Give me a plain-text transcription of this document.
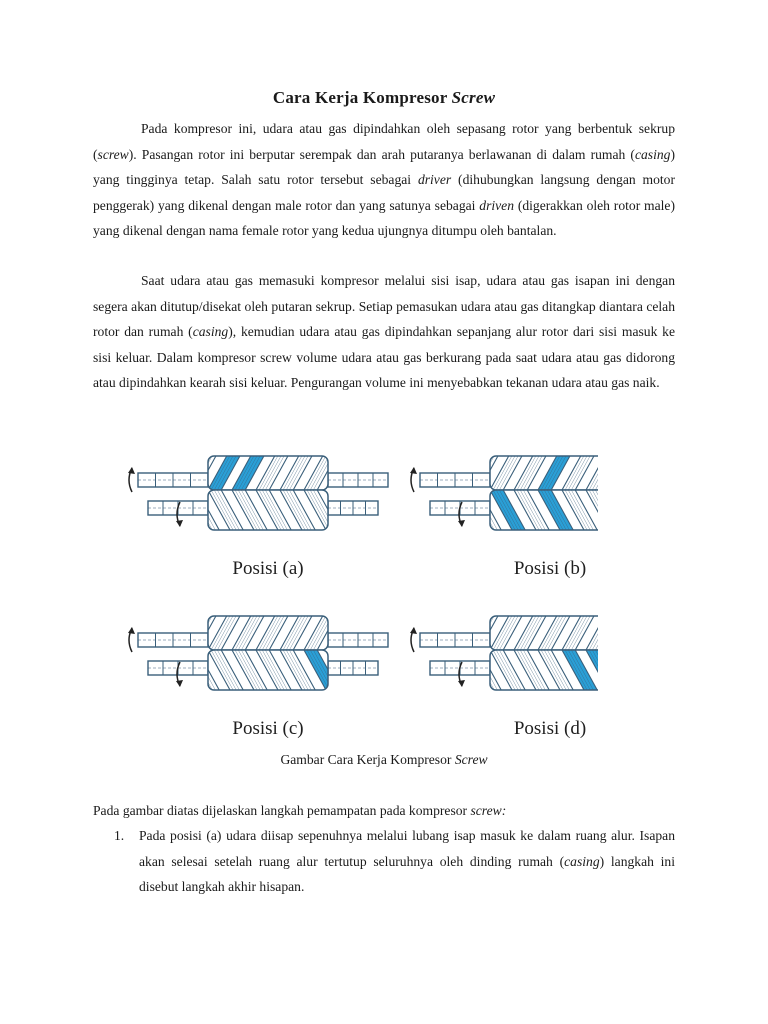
Cara Kerja Kompresor Screw

Pada kompresor ini, udara atau gas dipindahkan oleh sepasang rotor yang berbentuk sekrup (screw). Pasangan rotor ini berputar serempak dan arah putaranya berlawanan di dalam rumah (casing) yang tingginya tetap. Salah satu rotor tersebut sebagai driver (dihubungkan langsung dengan motor penggerak) yang dikenal dengan male rotor dan yang satunya sebagai driven (digerakkan oleh rotor male) yang dikenal dengan nama female rotor yang kedua ujungnya ditumpu oleh bantalan.

Saat udara atau gas memasuki kompresor melalui sisi isap, udara atau gas isapan ini dengan segera akan ditutup/disekat oleh putaran sekrup. Setiap pemasukan udara atau gas ditangkap diantara celah rotor dan rumah (casing), kemudian udara atau gas dipindahkan sepanjang alur rotor dari sisi masuk ke sisi keluar. Dalam kompresor screw volume udara atau gas berkurang pada saat udara atau gas didorong atau dipindahkan kearah sisi keluar. Pengurangan volume ini menyebabkan tekanan udara atau gas naik.

Posisi (a)	Posisi (b)
Posisi (c)	Posisi (d)
Gambar Cara Kerja Kompresor Screw

Pada gambar diatas dijelaskan langkah pemampatan pada kompresor screw:

1. Pada posisi (a) udara diisap sepenuhnya melalui lubang isap masuk ke dalam ruang alur. Isapan akan selesai setelah ruang alur tertutup seluruhnya oleh dinding rumah (casing) langkah ini disebut langkah akhir hisapan.
